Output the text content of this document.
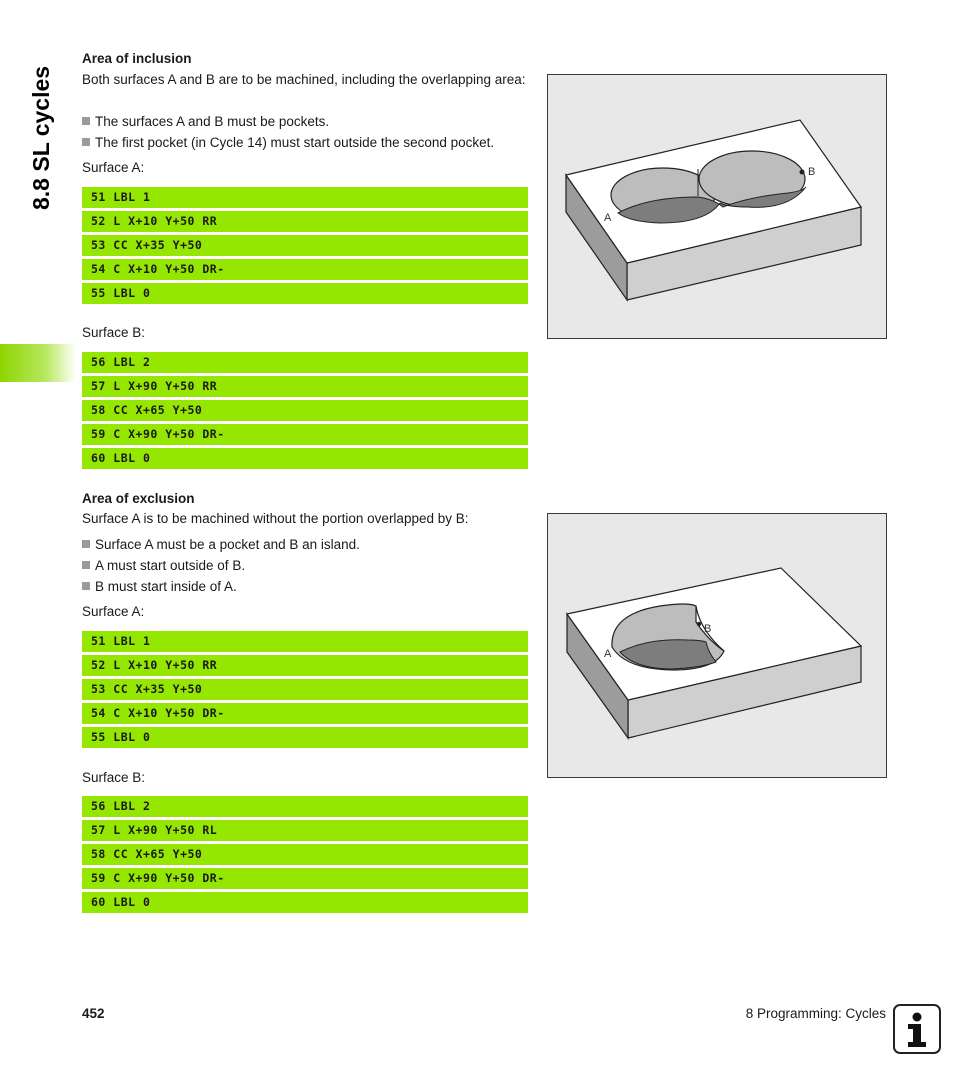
8.8 SL cycles
Area of inclusion
Both surfaces A and B are to be machined, including the overlapping area:
The surfaces A and B must be pockets.
The first pocket (in Cycle 14) must start outside the second pocket.
Surface A:
51 LBL 1
52 L X+10 Y+50 RR
53 CC X+35 Y+50
54 C X+10 Y+50 DR-
55 LBL 0
Surface B:
56 LBL 2
57 L X+90 Y+50 RR
58 CC X+65 Y+50
59 C X+90 Y+50 DR-
60 LBL 0
A
B
Area of exclusion
Surface A is to be machined without the portion overlapped by B:
Surface A must be a pocket and B an island.
A must start outside of B.
B must start inside of A.
Surface A:
51 LBL 1
52 L X+10 Y+50 RR
53 CC X+35 Y+50
54 C X+10 Y+50 DR-
55 LBL 0
Surface B:
56 LBL 2
57 L X+90 Y+50 RL
58 CC X+65 Y+50
59 C X+90 Y+50 DR-
60 LBL 0
A
B
452	8 Programming: Cycles
